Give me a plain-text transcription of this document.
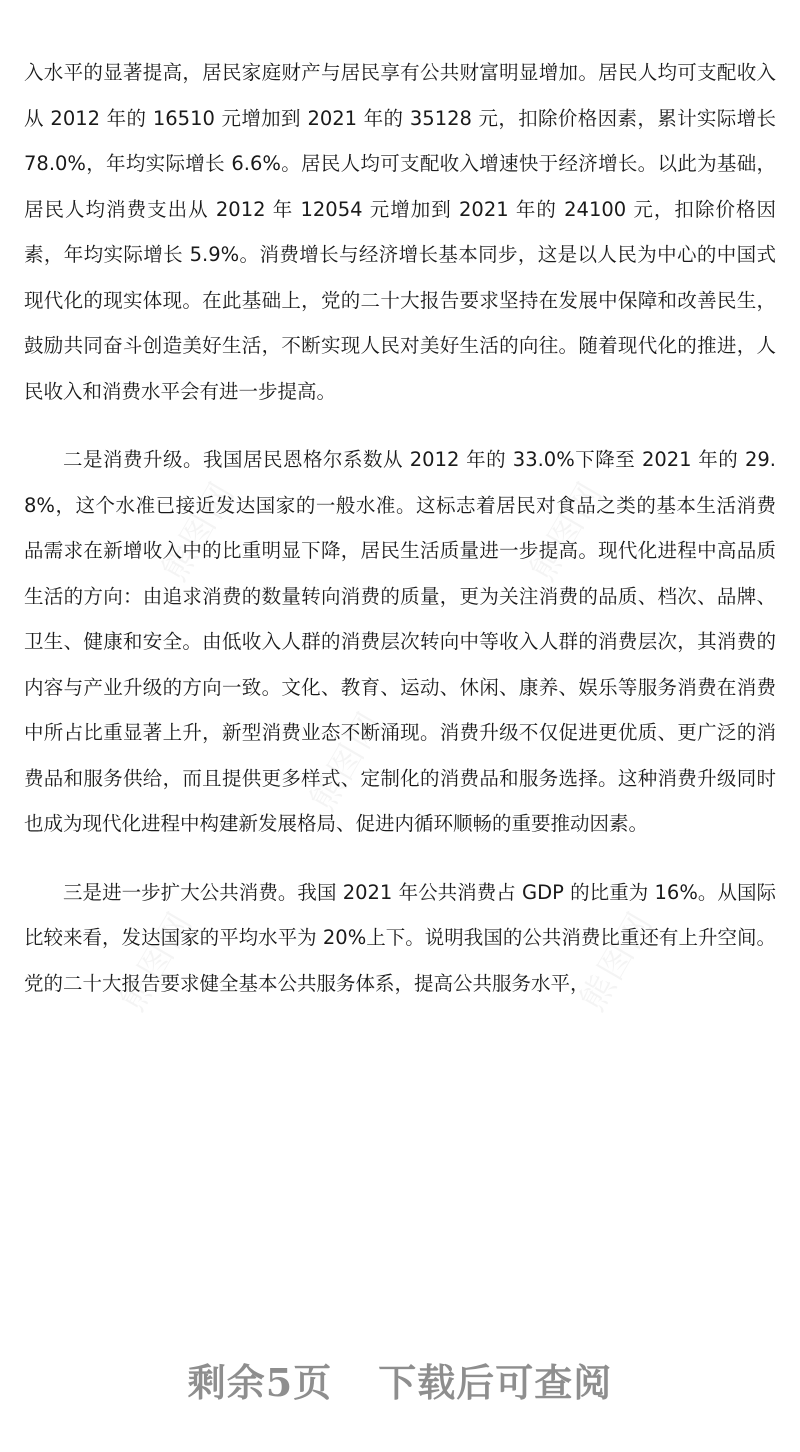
入水平的显著提高，居民家庭财产与居民享有公共财富明显增加。居民人均可支配收入从 2012 年的 16510 元增加到 2021 年的 35128 元，扣除价格因素，累计实际增长 78.0%，年均实际增长 6.6%。居民人均可支配收入增速快于经济增长。以此为基础，居民人均消费支出从 2012 年 12054 元增加到 2021 年的 24100 元，扣除价格因素，年均实际增长 5.9%。消费增长与经济增长基本同步，这是以人民为中心的中国式现代化的现实体现。在此基础上，党的二十大报告要求坚持在发展中保障和改善民生，鼓励共同奋斗创造美好生活，不断实现人民对美好生活的向往。随着现代化的推进，人民收入和消费水平会有进一步提高。

二是消费升级。我国居民恩格尔系数从 2012 年的 33.0%下降至 2021 年的 29.8%，这个水准已接近发达国家的一般水准。这标志着居民对食品之类的基本生活消费品需求在新增收入中的比重明显下降，居民生活质量进一步提高。现代化进程中高品质生活的方向：由追求消费的数量转向消费的质量，更为关注消费的品质、档次、品牌、卫生、健康和安全。由低收入人群的消费层次转向中等收入人群的消费层次，其消费的内容与产业升级的方向一致。文化、教育、运动、休闲、康养、娱乐等服务消费在消费中所占比重显著上升，新型消费业态不断涌现。消费升级不仅促进更优质、更广泛的消费品和服务供给，而且提供更多样式、定制化的消费品和服务选择。这种消费升级同时也成为现代化进程中构建新发展格局、促进内循环顺畅的重要推动因素。

三是进一步扩大公共消费。我国 2021 年公共消费占 GDP 的比重为 16%。从国际比较来看，发达国家的平均水平为 20%上下。说明我国的公共消费比重还有上升空间。党的二十大报告要求健全基本公共服务体系，提高公共服务水平，

剩余5页 下载后可查阅
